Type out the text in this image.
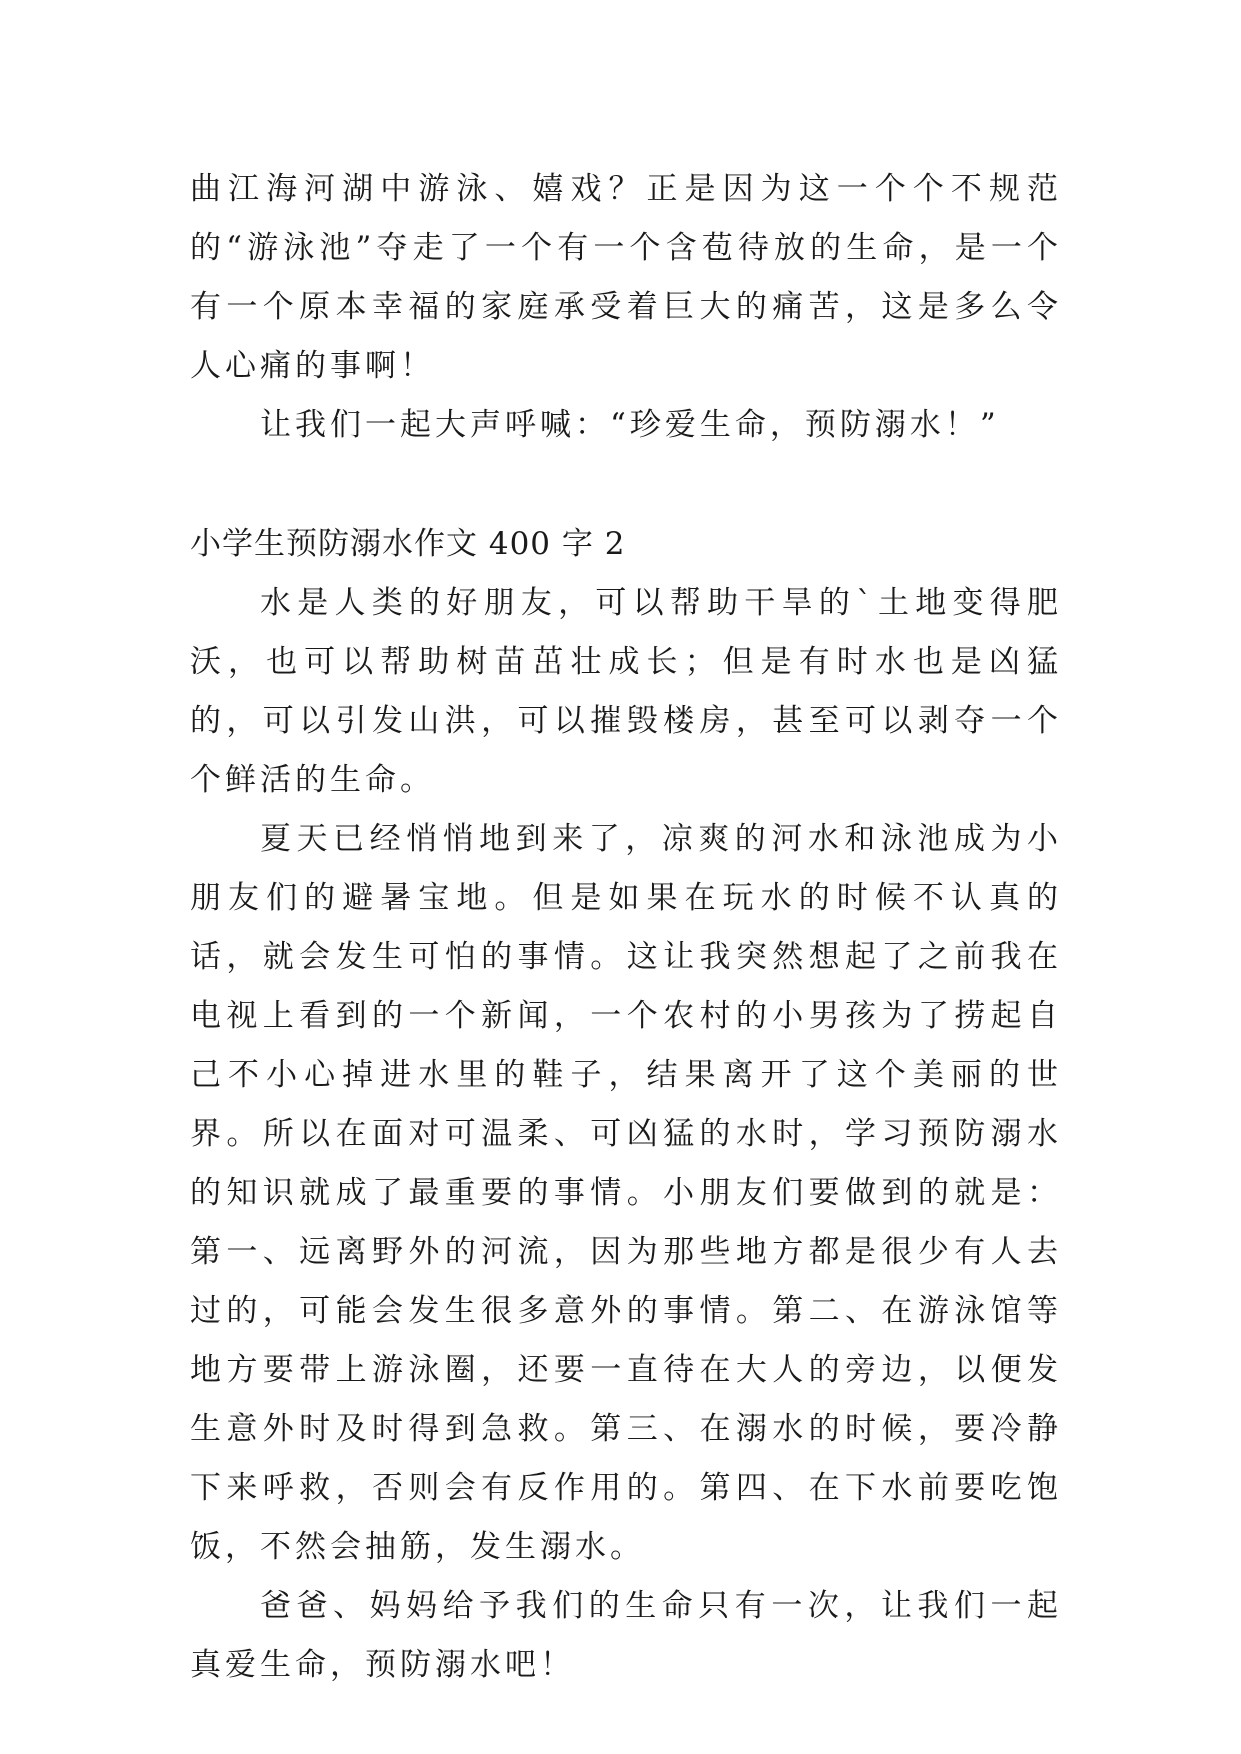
曲江海河湖中游泳、嬉戏？正是因为这一个个不规范的“游泳池”夺走了一个有一个含苞待放的生命，是一个有一个原本幸福的家庭承受着巨大的痛苦，这是多么令人心痛的事啊！

让我们一起大声呼喊：“珍爱生命，预防溺水！”

小学生预防溺水作文 400 字 2

水是人类的好朋友，可以帮助干旱的`土地变得肥沃，也可以帮助树苗茁壮成长；但是有时水也是凶猛的，可以引发山洪，可以摧毁楼房，甚至可以剥夺一个个鲜活的生命。

夏天已经悄悄地到来了，凉爽的河水和泳池成为小朋友们的避暑宝地。但是如果在玩水的时候不认真的话，就会发生可怕的事情。这让我突然想起了之前我在电视上看到的一个新闻，一个农村的小男孩为了捞起自己不小心掉进水里的鞋子，结果离开了这个美丽的世界。所以在面对可温柔、可凶猛的水时，学习预防溺水的知识就成了最重要的事情。小朋友们要做到的就是：第一、远离野外的河流，因为那些地方都是很少有人去过的，可能会发生很多意外的事情。第二、在游泳馆等地方要带上游泳圈，还要一直待在大人的旁边，以便发生意外时及时得到急救。第三、在溺水的时候，要冷静下来呼救，否则会有反作用的。第四、在下水前要吃饱饭，不然会抽筋，发生溺水。

爸爸、妈妈给予我们的生命只有一次，让我们一起真爱生命，预防溺水吧！
